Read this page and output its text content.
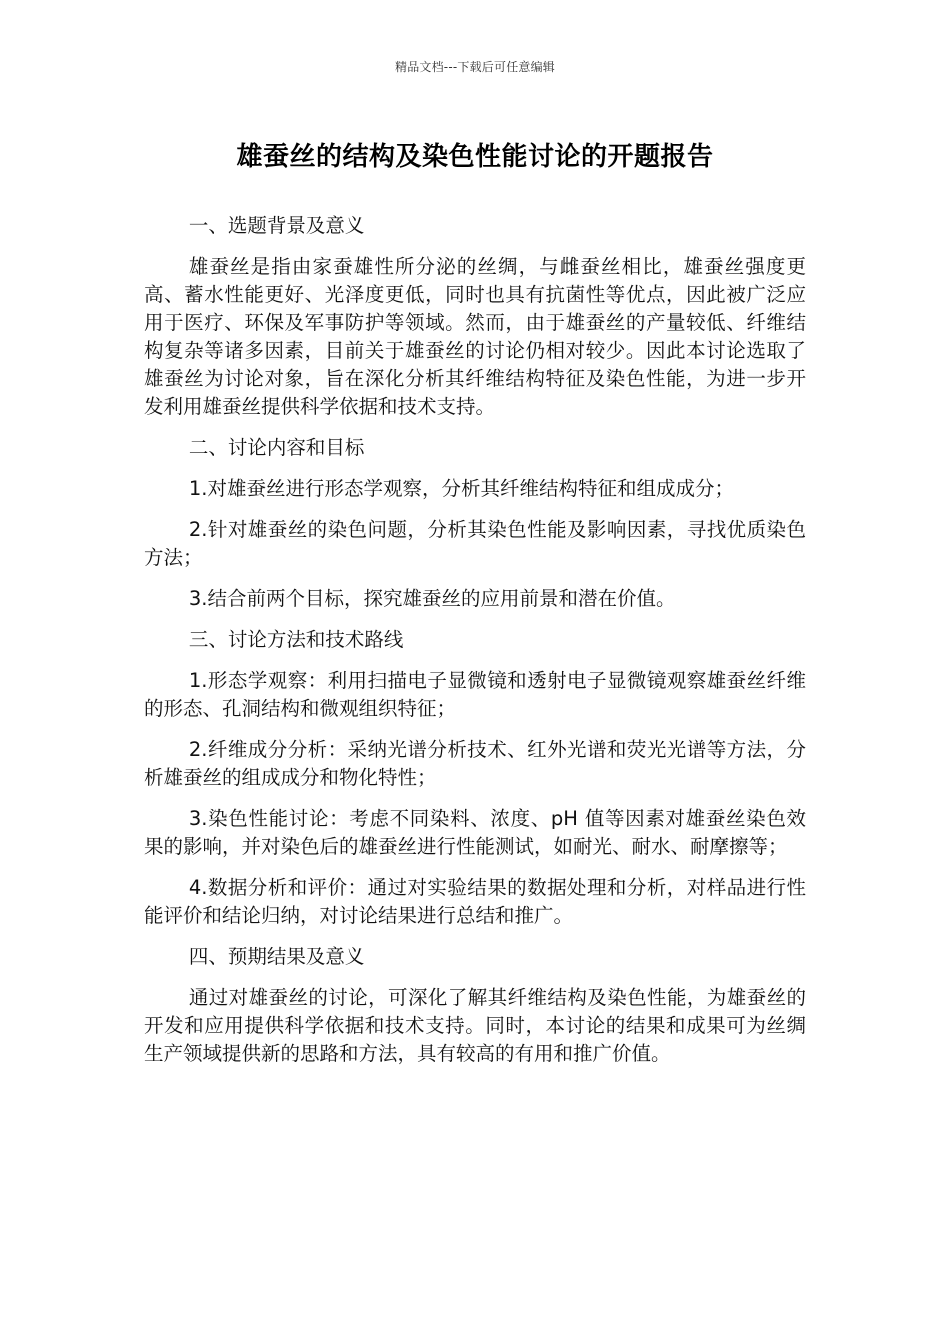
精品文档---下载后可任意编辑
雄蚕丝的结构及染色性能讨论的开题报告

一、选题背景及意义

雄蚕丝是指由家蚕雄性所分泌的丝绸，与雌蚕丝相比，雄蚕丝强度更高、蓄水性能更好、光泽度更低，同时也具有抗菌性等优点，因此被广泛应用于医疗、环保及军事防护等领域。然而，由于雄蚕丝的产量较低、纤维结构复杂等诸多因素，目前关于雄蚕丝的讨论仍相对较少。因此本讨论选取了雄蚕丝为讨论对象，旨在深化分析其纤维结构特征及染色性能，为进一步开发利用雄蚕丝提供科学依据和技术支持。

二、讨论内容和目标

1.对雄蚕丝进行形态学观察，分析其纤维结构特征和组成成分；

2.针对雄蚕丝的染色问题，分析其染色性能及影响因素，寻找优质染色方法；

3.结合前两个目标，探究雄蚕丝的应用前景和潜在价值。

三、讨论方法和技术路线

1.形态学观察：利用扫描电子显微镜和透射电子显微镜观察雄蚕丝纤维的形态、孔洞结构和微观组织特征；

2.纤维成分分析：采纳光谱分析技术、红外光谱和荧光光谱等方法，分析雄蚕丝的组成成分和物化特性；

3.染色性能讨论：考虑不同染料、浓度、pH 值等因素对雄蚕丝染色效果的影响，并对染色后的雄蚕丝进行性能测试，如耐光、耐水、耐摩擦等；

4.数据分析和评价：通过对实验结果的数据处理和分析，对样品进行性能评价和结论归纳，对讨论结果进行总结和推广。

四、预期结果及意义

通过对雄蚕丝的讨论，可深化了解其纤维结构及染色性能，为雄蚕丝的开发和应用提供科学依据和技术支持。同时，本讨论的结果和成果可为丝绸生产领域提供新的思路和方法，具有较高的有用和推广价值。
